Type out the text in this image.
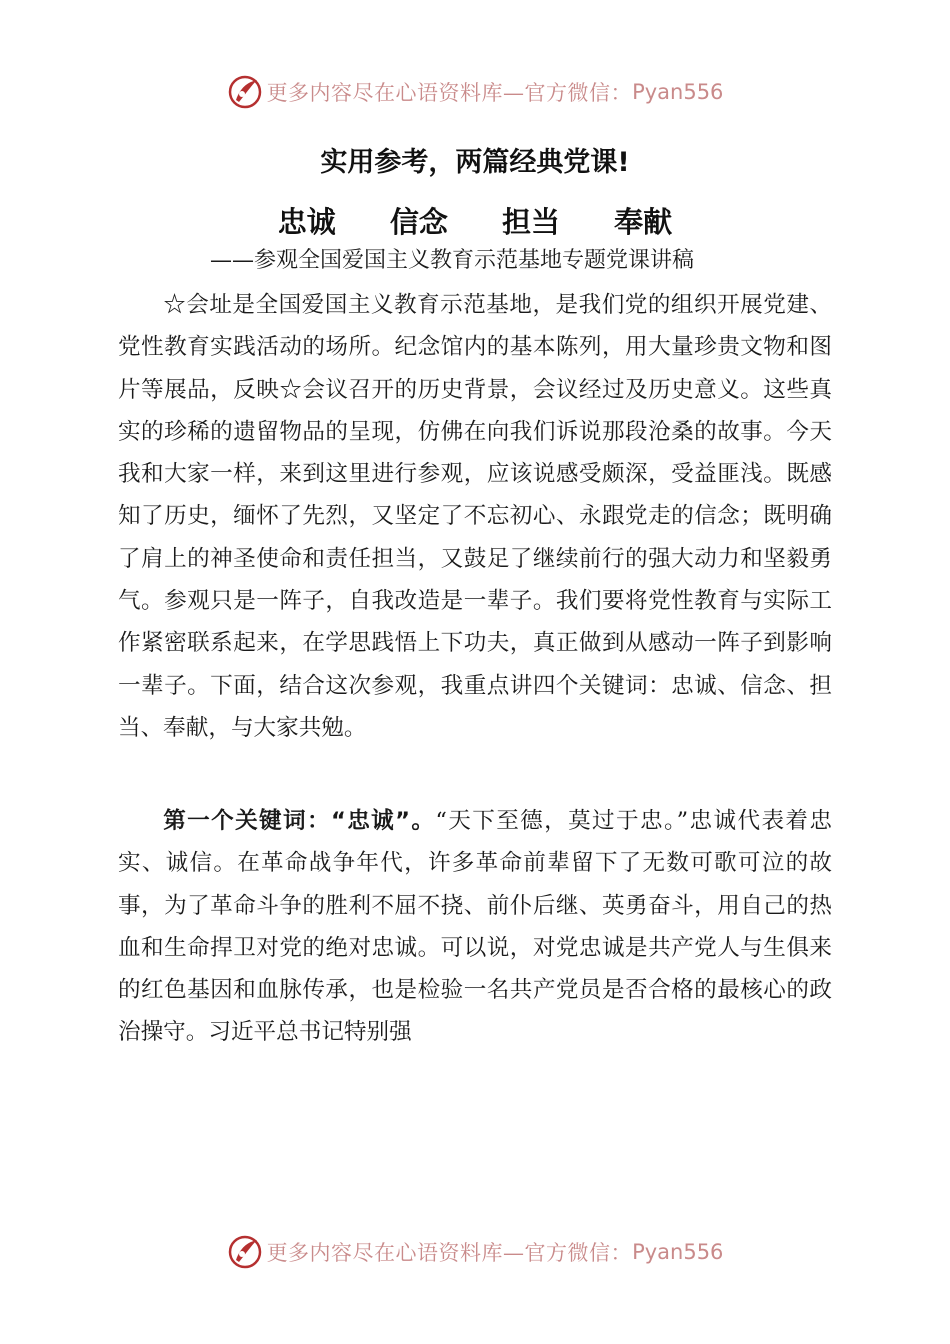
更多内容尽在心语资料库—官方微信： Pyan556
实用参考，两篇经典党课!
忠诚 信念 担当 奉献
——参观全国爱国主义教育示范基地专题党课讲稿

☆会址是全国爱国主义教育示范基地，是我们党的组织开展党建、党性教育实践活动的场所。纪念馆内的基本陈列，用大量珍贵文物和图片等展品，反映☆会议召开的历史背景，会议经过及历史意义。这些真实的珍稀的遗留物品的呈现，仿佛在向我们诉说那段沧桑的故事。今天我和大家一样，来到这里进行参观，应该说感受颇深，受益匪浅。既感知了历史，缅怀了先烈，又坚定了不忘初心、永跟党走的信念；既明确了肩上的神圣使命和责任担当，又鼓足了继续前行的强大动力和坚毅勇气。参观只是一阵子，自我改造是一辈子。我们要将党性教育与实际工作紧密联系起来，在学思践悟上下功夫，真正做到从感动一阵子到影响一辈子。下面，结合这次参观，我重点讲四个关键词：忠诚、信念、担当、奉献，与大家共勉。

第一个关键词：“忠诚”。“天下至德，莫过于忠。”忠诚代表着忠实、诚信。在革命战争年代，许多革命前辈留下了无数可歌可泣的故事，为了革命斗争的胜利不屈不挠、前仆后继、英勇奋斗，用自己的热血和生命捍卫对党的绝对忠诚。可以说，对党忠诚是共产党人与生俱来的红色基因和血脉传承，也是检验一名共产党员是否合格的最核心的政治操守。习近平总书记特别强

更多内容尽在心语资料库—官方微信： Pyan556
